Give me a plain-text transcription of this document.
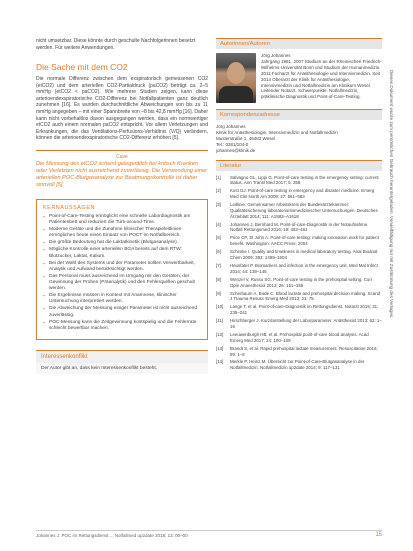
nicht umsetzbar. Diese könnte durch geschulte Nachfolgerinnen besetzt werden. Für weitere Anwendungen.

Die Sache mit dem CO2

Die normale Differenz zwischen dem exspiratorisch gemessenen CO2 (etCO2) und dem arteriellen CO2-Partialdruck (paCO2) beträgt ca. 2–5 mmHg (etCO2 < paCO2). Wie mehrere Studien zeigen, kann diese arterioendexspiratorische CO2-Differenz bei Notfallpatienten ganz deutlich zunehmen [16]. Es wurden durchschnittliche Abweichungen von bis zu 11 mmHg angegeben – mit einer Spannbreite von –8 bis 42,8 mmHg [16]. Daher kann nicht vorbehaltlos davon ausgegangen werden, dass ein normwertiger etCO2 auch einem normalen paCO2 entspricht. Vor allem Verletzungen und Erkrankungen, die das Ventilations-Perfusions-Verhältnis (V/Q) verändern, können die arterioendexspiratorische CO2-Differenz erhöhen [5].

Cave
Die Messung des etCO2 scheint gelegentlich bei kritisch Kranken oder Verletzten nicht ausreichend zuverlässig. Die Verwendung einer arteriellen POC-Blutgasanalyse zur Beatmungskontrolle ist daher sinnvoll [5].
KERNAUSSAGEN
▪ Point-of-Care-Testing ermöglicht eine schnelle Labordiagnostik am Patientenbett und reduziert die Turn-around-Time.
▪ Moderne Geräte und die Zunahme klinischer Therapieleitlinien ermöglichen heute einen Einsatz von POCT im Notfallbereich.
▪ Die größte Bedeutung hat die Laktatkinetik (Blutgasanalyse).
▪ Mögliche Kontrolle einer arteriellen BGA bereits auf dem RTW: Blutzucker, Laktat, Kalium.
▪ Bei der Wahl des Systems und der Parameter sollten Verwertbarkeit, Analytik und Aufwand berücksichtigt werden.
▪ Das Personal muss ausreichend im Umgang mit den Geräten, der Gewinnung der Proben (Präanalytik) und den Fehlerquellen geschult werden.
▪ Die Ergebnisse müssen in Kontext mit Anamnese, klinischer Untersuchung interpretiert werden.
▪ Die Abweichung der Messung einiger Parameter ist nicht ausreichend zuverlässig.
▪ POC-Messung kann die Zeitgewinnung kostspielig und die Fehlerrate schlecht bewertbar machen.
Interessenkonflikt
Der Autor gibt an, dass kein Interessenkonflikt besteht.
Autorinnen/Autoren
Jörg Johannes
Jahrgang 1981. 2007 Studium an der Rheinischen Friedrich-Wilhelms-Universität Bonn und Studium der Humanmedizin. 2011 Facharzt für Anästhesiologie und Intensivmedizin. Seit 2014 Oberarzt der Klinik für Anästhesiologie, Intensivmedizin und Notfallmedizin am Klinikum Wesel. Leitender Notarzt. Schwerpunkte: Notfallmedizin, präklinische Diagnostik und Point-of-Care-Testing.
Korrespondenzadresse
Jörg Johannes
Klinik für Anästhesiologie, Intensivmedizin und Notfallmedizin
Musterstraße 1, 46483 Wesel
Tel.: 0281/104-0
johannes@klinik.de
Literatur
[1]	Salvagno GL, Lippi G. Point-of-care testing in the emergency setting: current status. Ann Transl Med 2017; 5: 258
[2]	Kost GJ. Point-of-care testing in emergency and disaster medicine. Emerg Med Clin North Am 2009; 27: 561–583
[3]	Leitlinie. Gemeinsamer Arbeitskreis der Bundesärztekammer: Qualitätssicherung laboratoriumsmedizinischer Untersuchungen. Deutsches Ärzteblatt 2014; 111: A1583–A1618
[4]	Johannes J, Bernhard M. Point-of-care-Diagnostik in der Notaufnahme. Notfall Rettungsmed 2016; 19: 453–461
[5]	Price CP, St John A. Point-of-care testing: making innovation work for patient benefit. Washington: AACC Press; 2004
[6]	Schimke I. Quality and timeliness in medical laboratory testing. Anal Bioanal Chem 2009; 393: 1499–1504
[7]	Hausfater P. Biomarkers and infection in the emergency unit. Med Mal Infect 2014; 44: 139–145
[8]	Wenzel V, Russo SG. Point-of-care testing in the prehospital setting. Curr Opin Anaesthesiol 2013; 26: 151–156
[9]	Scherbaum A, Bode C. Blood lactate and prehospital decision making. Scand J Trauma Resusc Emerg Med 2013; 21: 75
[10]	Lange T, et al. Point-of-care-Diagnostik im Rettungsdienst. Notarzt 2015; 31: 235–241
[11]	Hirschberger J. Kurzdarstellung der Laborparameter. Anästhesist 2013; 62: 1–16
[12]	Leeuwenburgh HB, et al. Prehospital point-of-care blood analysis. Acad Emerg Med 2017; 24: 100–109
[13]	Brandt S, et al. Rapid prehospital lactate measurement. Resuscitation 2016; 99: 1–5
[14]	Merkle P, Heinz M. Übersicht zur Point-of-Care-Blutgasanalyse in der Notfallmedizin. Notfallmedizin up2date 2014; 9: 117–131
Dieses Dokument wurde zum persönlichen Gebrauch heruntergeladen. Vervielfältigung nur mit Zustimmung des Verlages.
Johannes J. POC im Rettungsdienst ... Notfallmed up2date 2018; 13: 00–00	15
